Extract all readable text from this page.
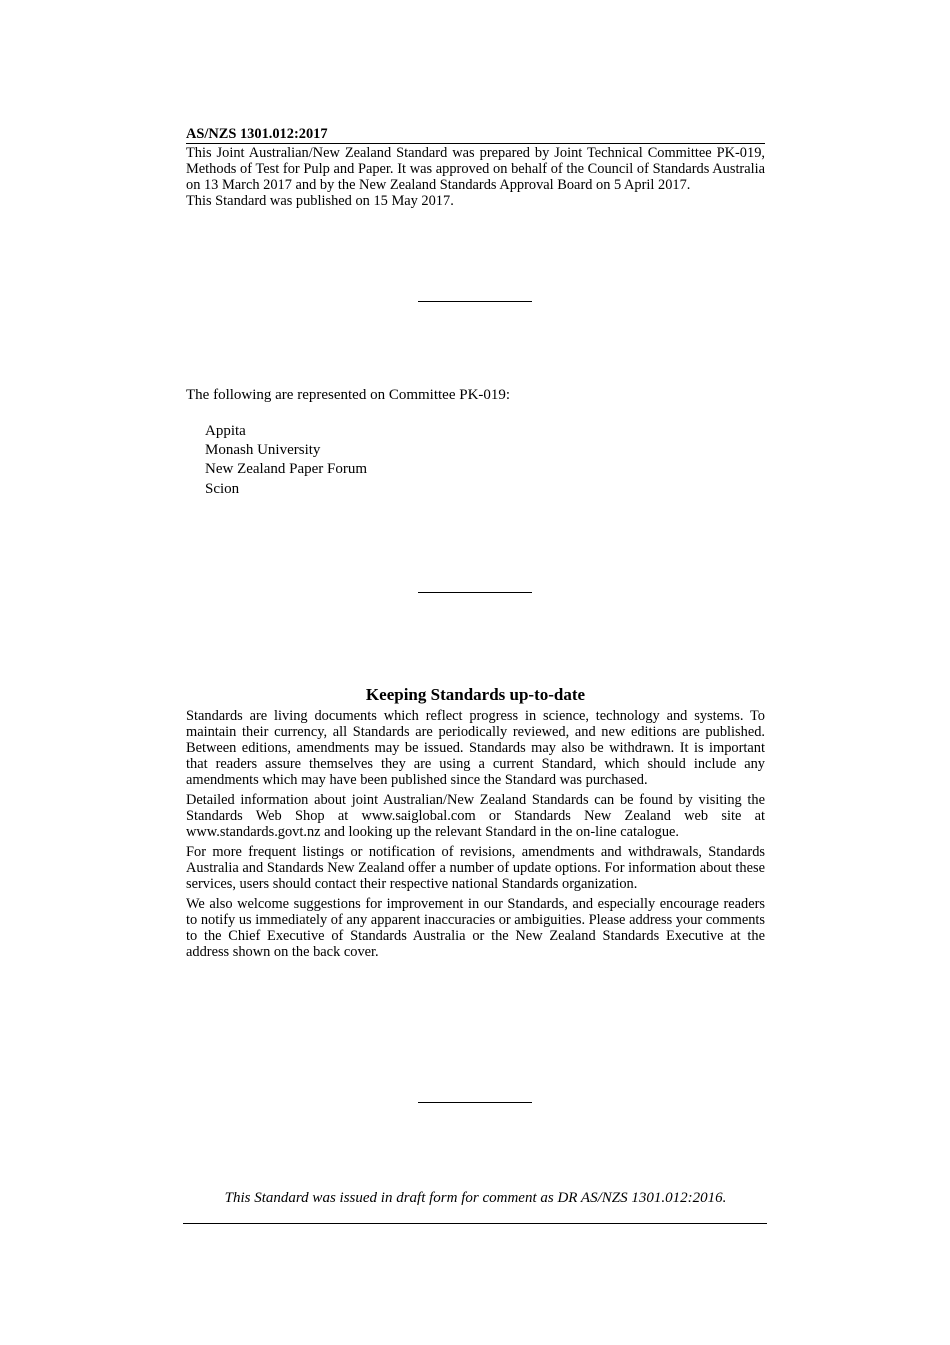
AS/NZS 1301.012:2017

This Joint Australian/New Zealand Standard was prepared by Joint Technical Committee PK-019, Methods of Test for Pulp and Paper. It was approved on behalf of the Council of Standards Australia on 13 March 2017 and by the New Zealand Standards Approval Board on 5 April 2017.

This Standard was published on 15 May 2017.

The following are represented on Committee PK-019:
Appita
Monash University
New Zealand Paper Forum
Scion
Keeping Standards up-to-date

Standards are living documents which reflect progress in science, technology and systems. To maintain their currency, all Standards are periodically reviewed, and new editions are published. Between editions, amendments may be issued. Standards may also be withdrawn. It is important that readers assure themselves they are using a current Standard, which should include any amendments which may have been published since the Standard was purchased.

Detailed information about joint Australian/New Zealand Standards can be found by visiting the Standards Web Shop at www.saiglobal.com or Standards New Zealand web site at www.standards.govt.nz and looking up the relevant Standard in the on-line catalogue.

For more frequent listings or notification of revisions, amendments and withdrawals, Standards Australia and Standards New Zealand offer a number of update options. For information about these services, users should contact their respective national Standards organization.

We also welcome suggestions for improvement in our Standards, and especially encourage readers to notify us immediately of any apparent inaccuracies or ambiguities. Please address your comments to the Chief Executive of Standards Australia or the New Zealand Standards Executive at the address shown on the back cover.

This Standard was issued in draft form for comment as DR AS/NZS 1301.012:2016.
